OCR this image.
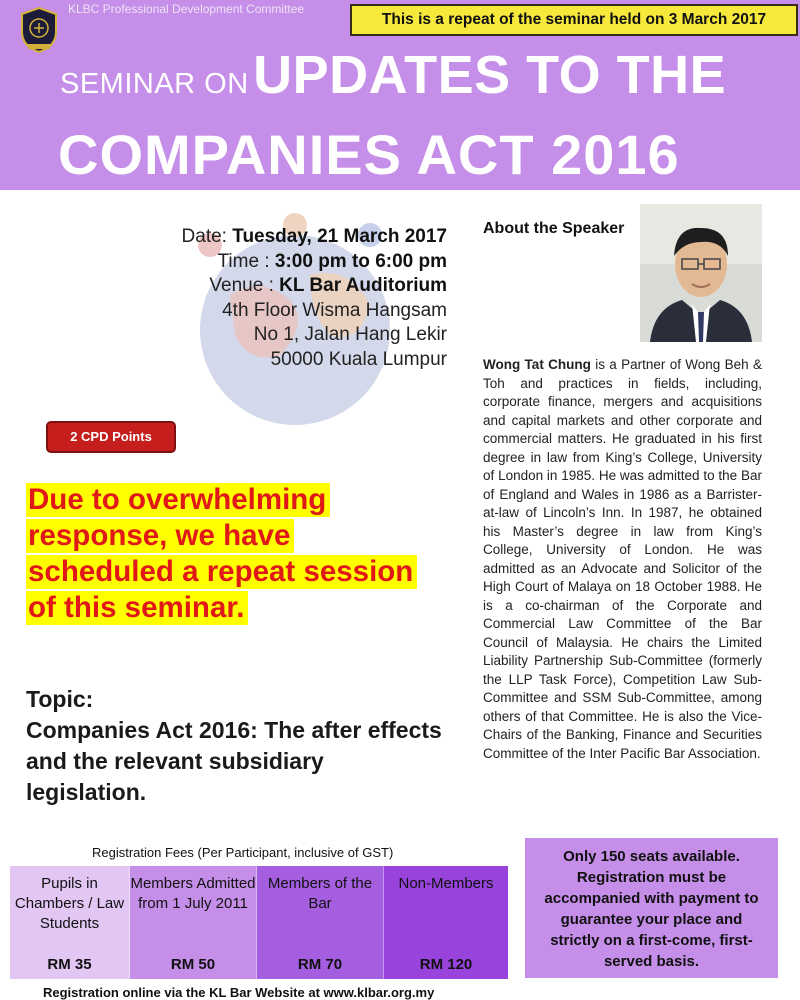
KLBC Professional Development Committee
This is a repeat of the seminar held on 3 March 2017
SEMINAR ON UPDATES TO THE
COMPANIES ACT 2016
Date: Tuesday, 21 March 2017
Time : 3:00 pm to 6:00 pm
Venue : KL Bar Auditorium
4th Floor Wisma Hangsam
No 1, Jalan Hang Lekir
50000 Kuala Lumpur
2 CPD Points
Due to overwhelming
response, we have
scheduled a repeat session
of this seminar.
Topic:
Companies Act 2016: The after effects and the relevant subsidiary legislation.
About the Speaker
Wong Tat Chung is a Partner of Wong Beh & Toh and practices in fields, including, corporate finance, mergers and acquisitions and capital markets and other corporate and commercial matters. He graduated in his first degree in law from King’s College, University of London in 1985. He was admitted to the Bar of England and Wales in 1986 as a Barrister-at-law of Lincoln’s Inn. In 1987, he obtained his Master’s degree in law from King’s College, University of London. He was admitted as an Advocate and Solicitor of the High Court of Malaya on 18 October 1988. He is a co-chairman of the Corporate and Commercial Law Committee of the Bar Council of Malaysia. He chairs the Limited Liability Partnership Sub-Committee (formerly the LLP Task Force), Competition Law Sub-Committee and SSM Sub-Committee, among others of that Committee. He is also the Vice-Chairs of the Banking, Finance and Securities Committee of the Inter Pacific Bar Association.
Registration Fees (Per Participant, inclusive of GST)
Pupils in Chambers / Law Students
RM 35
Members Admitted from 1 July 2011
RM 50
Members of the Bar
RM 70
Non-Members
RM 120
Only 150 seats available. Registration must be accompanied with payment to guarantee your place and strictly on a first-come, first-served basis.
Registration online via the KL Bar Website at www.klbar.org.my
